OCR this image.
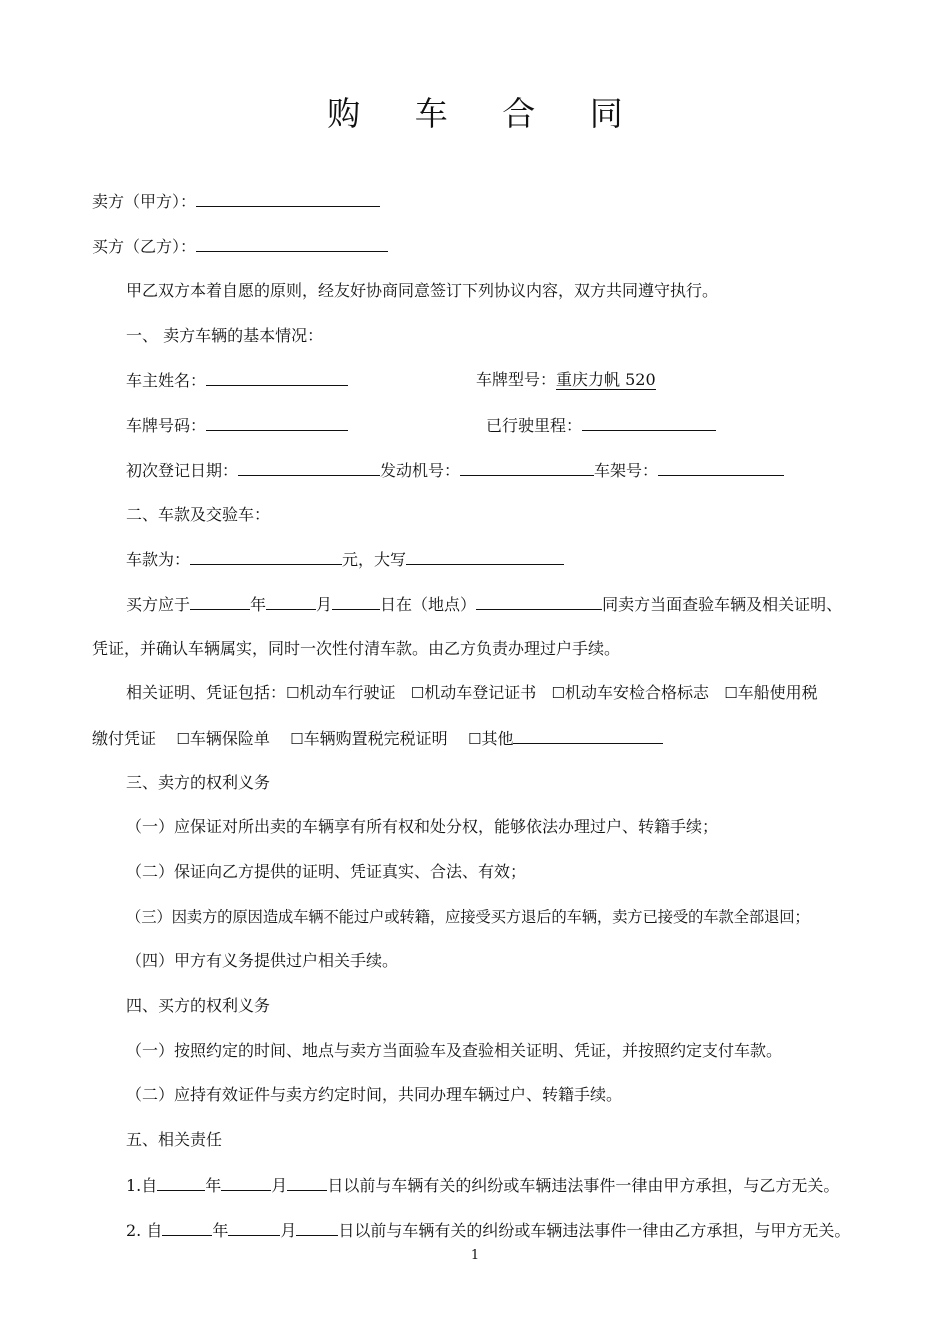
购 车 合 同
卖方（甲方）：
买方（乙方）：
甲乙双方本着自愿的原则，经友好协商同意签订下列协议内容，双方共同遵守执行。
一、 卖方车辆的基本情况：
车主姓名：	车牌型号：重庆力帆 520
车牌号码：	已行驶里程：
初次登记日期：	发动机号：	车架号：
二、车款及交验车：
车款为：	元，大写
买方应于	年	月	日在（地点）	同卖方当面查验车辆及相关证明、
凭证，并确认车辆属实，同时一次性付清车款。由乙方负责办理过户手续。
相关证明、凭证包括：☐机动车行驶证 ☐机动车登记证书 ☐机动车安检合格标志 ☐车船使用税
缴付凭证 ☐车辆保险单 ☐车辆购置税完税证明 ☐其他
三、卖方的权利义务
（一）应保证对所出卖的车辆享有所有权和处分权，能够依法办理过户、转籍手续；
（二）保证向乙方提供的证明、凭证真实、合法、有效；
（三）因卖方的原因造成车辆不能过户或转籍，应接受买方退后的车辆，卖方已接受的车款全部退回；
（四）甲方有义务提供过户相关手续。
四、买方的权利义务
（一）按照约定的时间、地点与卖方当面验车及查验相关证明、凭证，并按照约定支付车款。
（二）应持有效证件与卖方约定时间，共同办理车辆过户、转籍手续。
五、相关责任
1.自	年	月	日以前与车辆有关的纠纷或车辆违法事件一律由甲方承担，与乙方无关。
2. 自	年	月	日以前与车辆有关的纠纷或车辆违法事件一律由乙方承担，与甲方无关。
1
